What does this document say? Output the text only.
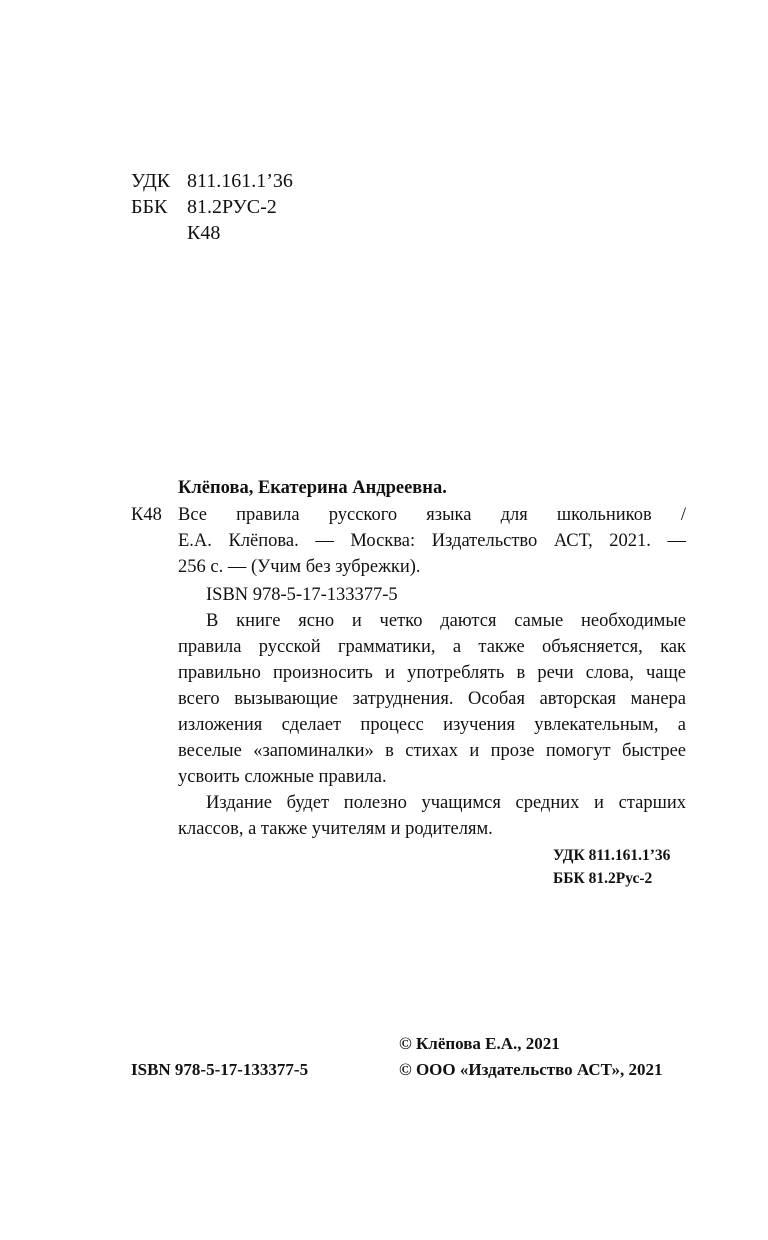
УДК 811.161.1’36
ББК 81.2РУС-2
К48
Клёпова, Екатерина Андреевна.
К48 Все правила русского языка для школьников /
Е.А. Клёпова. — Москва: Издательство АСТ, 2021. —
256 с. — (Учим без зубрежки).
ISBN 978-5-17-133377-5
В книге ясно и четко даются самые необходимые
правила русской грамматики, а также объясняется, как
правильно произносить и употреблять в речи слова, чаще
всего вызывающие затруднения. Особая авторская манера
изложения сделает процесс изучения увлекательным, а
веселые «запоминалки» в стихах и прозе помогут быстрее
усвоить сложные правила.
Издание будет полезно учащимся средних и старших
классов, а также учителям и родителям.
УДК 811.161.1’36
ББК 81.2Рус-2
© Клёпова Е.А., 2021
ISBN 978-5-17-133377-5	© ООО «Издательство АСТ», 2021
